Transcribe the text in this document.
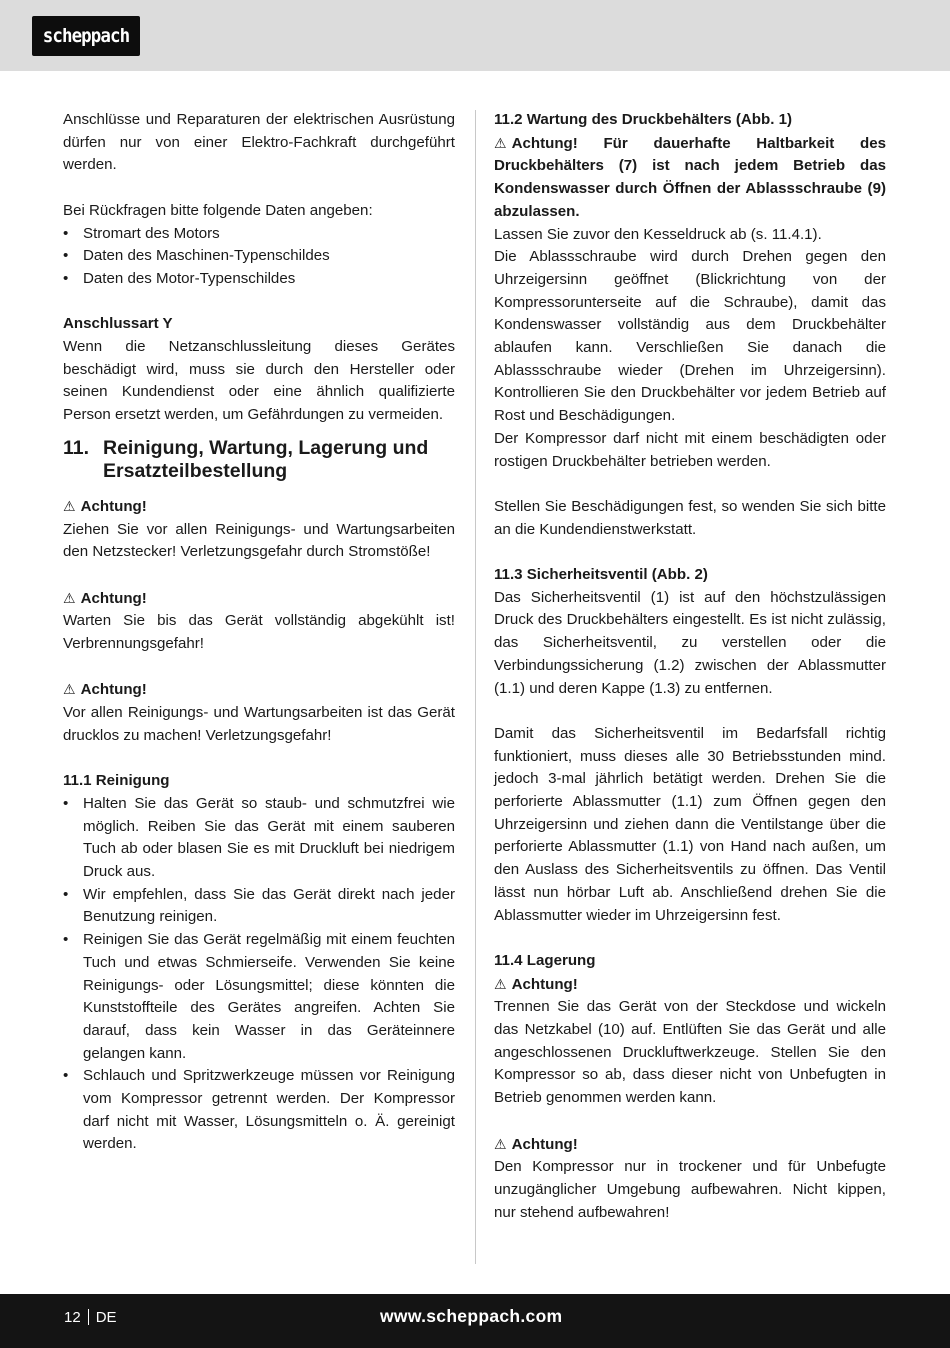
scheppach
Anschlüsse und Reparaturen der elektrischen Ausrüstung dürfen nur von einer Elektro-Fachkraft durchgeführt werden.
Bei Rückfragen bitte folgende Daten angeben:
• Stromart des Motors
• Daten des Maschinen-Typenschildes
• Daten des Motor-Typenschildes
Anschlussart Y
Wenn die Netzanschlussleitung dieses Gerätes beschädigt wird, muss sie durch den Hersteller oder seinen Kundendienst oder eine ähnlich qualifizierte Person ersetzt werden, um Gefährdungen zu vermeiden.
11. Reinigung, Wartung, Lagerung und Ersatzteilbestellung
⚠ Achtung!
Ziehen Sie vor allen Reinigungs- und Wartungsarbeiten den Netzstecker! Verletzungsgefahr durch Stromstöße!
⚠ Achtung!
Warten Sie bis das Gerät vollständig abgekühlt ist! Verbrennungsgefahr!
⚠ Achtung!
Vor allen Reinigungs- und Wartungsarbeiten ist das Gerät drucklos zu machen! Verletzungsgefahr!
11.1 Reinigung
• Halten Sie das Gerät so staub- und schmutzfrei wie möglich. Reiben Sie das Gerät mit einem sauberen Tuch ab oder blasen Sie es mit Druckluft bei niedrigem Druck aus.
• Wir empfehlen, dass Sie das Gerät direkt nach jeder Benutzung reinigen.
• Reinigen Sie das Gerät regelmäßig mit einem feuchten Tuch und etwas Schmierseife. Verwenden Sie keine Reinigungs- oder Lösungsmittel; diese könnten die Kunststoffteile des Gerätes angreifen. Achten Sie darauf, dass kein Wasser in das Geräteinnere gelangen kann.
• Schlauch und Spritzwerkzeuge müssen vor Reinigung vom Kompressor getrennt werden. Der Kompressor darf nicht mit Wasser, Lösungsmitteln o. Ä. gereinigt werden.
11.2 Wartung des Druckbehälters (Abb. 1)
⚠ Achtung! Für dauerhafte Haltbarkeit des Druckbehälters (7) ist nach jedem Betrieb das Kondenswasser durch Öffnen der Ablassschraube (9) abzulassen.
Lassen Sie zuvor den Kesseldruck ab (s. 11.4.1).
Die Ablassschraube wird durch Drehen gegen den Uhrzeigersinn geöffnet (Blickrichtung von der Kompressorunterseite auf die Schraube), damit das Kondenswasser vollständig aus dem Druckbehälter ablaufen kann. Verschließen Sie danach die Ablassschraube wieder (Drehen im Uhrzeigersinn). Kontrollieren Sie den Druckbehälter vor jedem Betrieb auf Rost und Beschädigungen.
Der Kompressor darf nicht mit einem beschädigten oder rostigen Druckbehälter betrieben werden.
Stellen Sie Beschädigungen fest, so wenden Sie sich bitte an die Kundendienstwerkstatt.
11.3 Sicherheitsventil (Abb. 2)
Das Sicherheitsventil (1) ist auf den höchstzulässigen Druck des Druckbehälters eingestellt. Es ist nicht zulässig, das Sicherheitsventil, zu verstellen oder die Verbindungssicherung (1.2) zwischen der Ablassmutter (1.1) und deren Kappe (1.3) zu entfernen.
Damit das Sicherheitsventil im Bedarfsfall richtig funktioniert, muss dieses alle 30 Betriebsstunden mind. jedoch 3-mal jährlich betätigt werden. Drehen Sie die perforierte Ablassmutter (1.1) zum Öffnen gegen den Uhrzeigersinn und ziehen dann die Ventilstange über die perforierte Ablassmutter (1.1) von Hand nach außen, um den Auslass des Sicherheitsventils zu öffnen. Das Ventil lässt nun hörbar Luft ab. Anschließend drehen Sie die Ablassmutter wieder im Uhrzeigersinn fest.
11.4 Lagerung
⚠ Achtung!
Trennen Sie das Gerät von der Steckdose und wickeln das Netzkabel (10) auf. Entlüften Sie das Gerät und alle angeschlossenen Druckluftwerkzeuge. Stellen Sie den Kompressor so ab, dass dieser nicht von Unbefugten in Betrieb genommen werden kann.
⚠ Achtung!
Den Kompressor nur in trockener und für Unbefugte unzugänglicher Umgebung aufbewahren. Nicht kippen, nur stehend aufbewahren!
12 DE	www.scheppach.com
